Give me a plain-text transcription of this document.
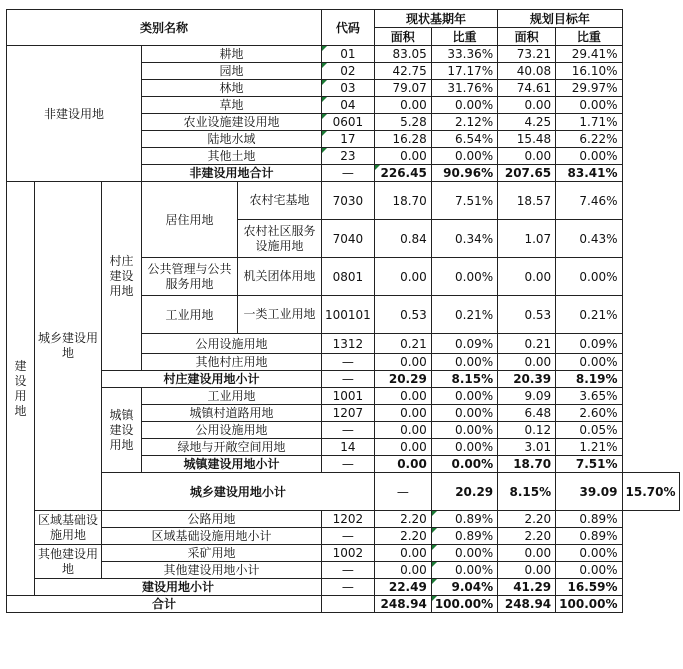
类别名称					代码	现状基期年		规划目标年		
						面积	比重	面积	比重	
非建设用地			耕地		01	83.05	33.36%	73.21	29.41%	
			园地		02	42.75	17.17%	40.08	16.10%	
			林地		03	79.07	31.76%	74.61	29.97%	
			草地		04	0.00	0.00%	0.00	0.00%	
			农业设施建设用地		0601	5.28	2.12%	4.25	1.71%	
			陆地水域		17	16.28	6.54%	15.48	6.22%	
			其他土地		23	0.00	0.00%	0.00	0.00%	
			非建设用地合计		—	226.45	90.96%	207.65	83.41%	
建设用地	城乡建设用地	村庄建设用地	居住用地	农村宅基地	7030	18.70	7.51%	18.57	7.46%	
				农村社区服务设施用地	7040	0.84	0.34%	1.07	0.43%	
			公共管理与公共服务用地	机关团体用地	0801	0.00	0.00%	0.00	0.00%	
			工业用地	一类工业用地	100101	0.53	0.21%	0.53	0.21%	
			公用设施用地		1312	0.21	0.09%	0.21	0.09%	
			其他村庄用地		—	0.00	0.00%	0.00	0.00%	
		村庄建设用地小计			—	20.29	8.15%	20.39	8.19%	
		城镇建设用地	工业用地		1001	0.00	0.00%	9.09	3.65%	
			城镇村道路用地		1207	0.00	0.00%	6.48	2.60%	
			公用设施用地		—	0.00	0.00%	0.12	0.05%	
			绿地与开敞空间用地		14	0.00	0.00%	3.01	1.21%	
			城镇建设用地小计		—	0.00	0.00%	18.70	7.51%	
		城乡建设用地小计				—	20.29	8.15%	39.09	15.70%
	区域基础设施用地	公路用地			1202	2.20	0.89%	2.20	0.89%	
		区域基础设施用地小计			—	2.20	0.89%	2.20	0.89%	
	其他建设用地	采矿用地			1002	0.00	0.00%	0.00	0.00%	
		其他建设用地小计			—	0.00	0.00%	0.00	0.00%	
	建设用地小计				—	22.49	9.04%	41.29	16.59%	
合计						248.94	100.00%	248.94	100.00%	
